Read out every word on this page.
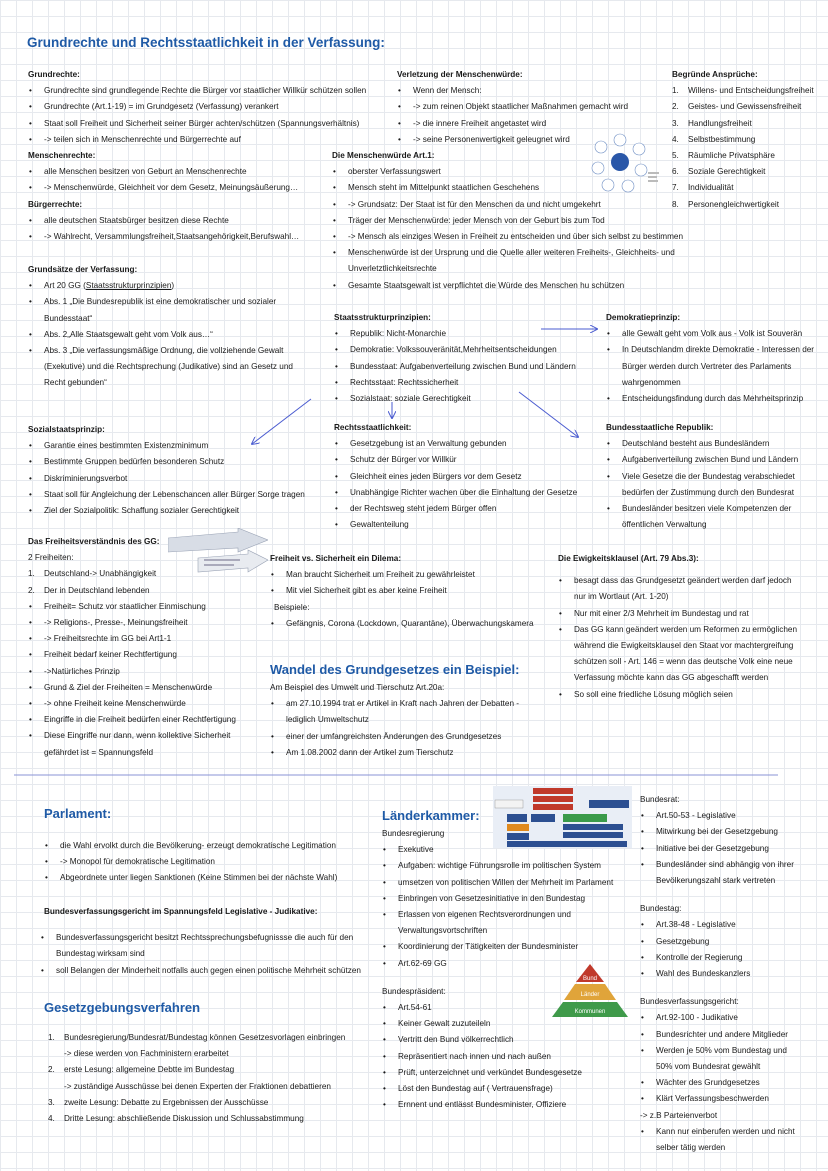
Grundrechte und Rechtsstaatlichkeit in der Verfassung:
Bund
Länder
Kommunen

Grundrechte:

• Grundrechte sind grundlegende Rechte die Bürger vor staatlicher Willkür schützen sollen
• Grundrechte (Art.1-19) = im Grundgesetz (Verfassung) verankert
• Staat soll Freiheit und Sicherheit seiner Bürger achten/schützen (Spannungsverhältnis)
• -> teilen sich in Menschenrechte und Bürgerrechte auf

Menschenrechte:

• alle Menschen besitzen von Geburt an Menschenrechte
• -> Menschenwürde, Gleichheit vor dem Gesetz, Meinungsäußerung…

Bürgerrechte:

• alle deutschen Staatsbürger besitzen diese Rechte
• -> Wahlrecht, Versammlungsfreiheit,Staatsangehörigkeit,Berufswahl…

Verletzung der Menschenwürde:

• Wenn der Mensch:
• -> zum reinen Objekt staatlicher Maßnahmen gemacht wird
• -> die innere Freiheit angetastet wird
• -> seine Personenwertigkeit geleugnet wird

Begründe Ansprüche:

1. Willens- und Entscheidungsfreiheit
2. Geistes- und Gewissensfreiheit
3. Handlungsfreiheit
4. Selbstbestimmung
5. Räumliche Privatsphäre
6. Soziale Gerechtigkeit
7. Individualität
8. Personengleichwertigkeit

Die Menschenwürde Art.1:

• oberster Verfassungswert
• Mensch steht im Mittelpunkt staatlichen Geschehens
• -> Grundsatz: Der Staat ist für den Menschen da und nicht umgekehrt
• Träger der Menschenwürde: jeder Mensch von der Geburt bis zum Tod
• -> Mensch als einziges Wesen in Freiheit zu entscheiden und über sich selbst zu bestimmen
• Menschenwürde ist der Ursprung und die Quelle aller weiteren Freiheits-, Gleichheits- und
Unverletztlichkeitsrechte
• Gesamte Staatsgewalt ist verpflichtet die Würde des Menschen hu schützen

Grundsätze der Verfassung:

• Art 20 GG (Staatsstrukturprinzipien)
• Abs. 1 „Die Bundesrepublik ist eine demokratischer und sozialer
Bundesstaat“
• Abs. 2„Alle Staatsgewalt geht vom Volk aus…“
• Abs. 3 „Die verfassungsmäßige Ordnung, die vollziehende Gewalt
(Exekutive) und die Rechtsprechung (Judikative) sind an Gesetz und
Recht gebunden“

Staatsstrukturprinzipien:

• Republik: Nicht-Monarchie
• Demokratie: Volkssouveränität,Mehrheitsentscheidungen
• Bundesstaat: Aufgabenverteilung zwischen Bund und Ländern
• Rechtsstaat: Rechtssicherheit
• Sozialstaat: soziale Gerechtigkeit

Demokratieprinzip:

• alle Gewalt geht vom Volk aus - Volk ist Souverän
• In Deutschlandm direkte Demokratie - Interessen der
Bürger werden durch Vertreter des Parlaments
wahrgenommen
• Entscheidungsfindung durch das Mehrheitsprinzip

Sozialstaatsprinzip:

• Garantie eines bestimmten Existenzminimum
• Bestimmte Gruppen bedürfen besonderen Schutz
• Diskriminierungsverbot
• Staat soll für Angleichung der Lebenschancen aller Bürger Sorge tragen
• Ziel der Sozialpolitik: Schaffung sozialer Gerechtigkeit

Rechtsstaatlichkeit:

• Gesetzgebung ist an Verwaltung gebunden
• Schutz der Bürger vor Willkür
• Gleichheit eines jeden Bürgers vor dem Gesetz
• Unabhängige Richter wachen über die Einhaltung der Gesetze
• der Rechtsweg steht jedem Bürger offen
• Gewaltenteilung

Bundesstaatliche Republik:

• Deutschland besteht aus Bundesländern
• Aufgabenverteilung zwischen Bund und Ländern
• Viele Gesetze die der Bundestag verabschiedet
bedürfen der Zustimmung durch den Bundesrat
• Bundesländer besitzen viele Kompetenzen der
öffentlichen Verwaltung

Das Freiheitsverständnis des GG:

2 Freiheiten:

1. Deutschland-> Unabhängigkeit
2. Der in Deutschland lebenden
• Freiheit= Schutz vor staatlicher Einmischung
• -> Religions-, Presse-, Meinungsfreiheit
• -> Freiheitsrechte im GG bei Art1-1
• Freiheit bedarf keiner Rechtfertigung
• ->Natürliches Prinzip
• Grund & Ziel der Freiheiten = Menschenwürde
• -> ohne Freiheit keine Menschenwürde
• Eingriffe in die Freiheit bedürfen einer Rechtfertigung
• Diese Eingriffe nur dann, wenn kollektive Sicherheit
gefährdet ist = Spannungsfeld

Freiheit vs. Sicherheit ein Dilema:

• Man braucht Sicherheit um Freiheit zu gewährleistet
• Mit viel Sicherheit gibt es aber keine Freiheit

Beispiele:

• Gefängnis, Corona (Lockdown, Quarantäne), Überwachungskamera

Die Ewigkeitsklausel (Art. 79 Abs.3):

• besagt dass das Grundgesetzt geändert werden darf jedoch
nur im Wortlaut (Art. 1-20)
• Nur mit einer 2/3 Mehrheit im Bundestag und rat
• Das GG kann geändert werden um Reformen zu ermöglichen
während die Ewigkeitsklausel den Staat vor machtergreifung
schützen soll - Art. 146 = wenn das deutsche Volk eine neue
Verfassung möchte kann das GG abgeschafft werden
• So soll eine friedliche Lösung möglich seien

Wandel des Grundgesetzes ein Beispiel:

Am Beispiel des Umwelt und Tierschutz Art.20a:

• am 27.10.1994 trat er Artikel in Kraft nach Jahren der Debatten -
lediglich Umweltschutz
• einer der umfangreichsten Änderungen des Grundgesetzes
• Am 1.08.2002 dann der Artikel zum Tierschutz

Parlament:

• die Wahl ervolkt durch die Bevölkerung- erzeugt demokratische Legitimation
• -> Monopol für demokratische Legitimation
• Abgeordnete unter liegen Sanktionen (Keine Stimmen bei der nächste Wahl)

Bundesverfassungsgericht im Spannungsfeld Legislative - Judikative:

• Bundesverfassungsgericht besitzt Rechtssprechungsbefugnissse die auch für den
Bundestag wirksam sind
• soll Belangen der Minderheit notfalls auch gegen einen politische Mehrheit schützen

Gesetzgebungsverfahren

1. Bundesregierung/Bundesrat/Bundestag können Gesetzesvorlagen einbringen
-> diese werden von Fachministern erarbeitet
2. erste Lesung: allgemeine Debtte im Bundestag
-> zuständige Ausschüsse bei denen Experten der Fraktionen debattieren
3. zweite Lesung: Debatte zu Ergebnissen der Ausschüsse
4. Dritte Lesung: abschließende Diskussion und Schlussabstimmung

Länderkammer:

Bundesregierung

• Exekutive
• Aufgaben: wichtige Führungsrolle im politischen System
• umsetzen von politischen Willen der Mehrheit im Parlament
• Einbringen von Gesetzesinitiative in den Bundestag
• Erlassen von eigenen Rechtsverordnungen und
Verwaltungsvortschriften
• Koordinierung der Tätigkeiten der Bundesminister
• Art.62-69 GG

Bundespräsident:

• Art.54-61
• Keiner Gewalt zuzuteileln
• Vertritt den Bund völkerrechtlich
• Repräsentiert nach innen und nach außen
• Prüft, unterzeichnet und verkündet Bundesgesetze
• Löst den Bundestag auf ( Vertrauensfrage)
• Ernnent und entlässt Bundesminister, Offiziere

Bundesrat:

• Art.50-53 - Legislative
• Mitwirkung bei der Gesetzgebung
• Initiative bei der Gesetzgebung
• Bundesländer sind abhängig von ihrer
Bevölkerungszahl stark vertreten

Bundestag:

• Art.38-48 - Legislative
• Gesetzgebung
• Kontrolle der Regierung
• Wahl des Bundeskanzlers

Bundesverfassungsgericht:

• Art.92-100 - Judikative
• Bundesrichter und andere Mitglieder
• Werden je 50% vom Bundestag und
50% vom Bundesrat gewählt
• Wächter des Grundgesetzes
• Klärt Verfassungsbeschwerden

-> z.B Parteienverbot

• Kann nur einberufen werden und nicht
selber tätig werden
